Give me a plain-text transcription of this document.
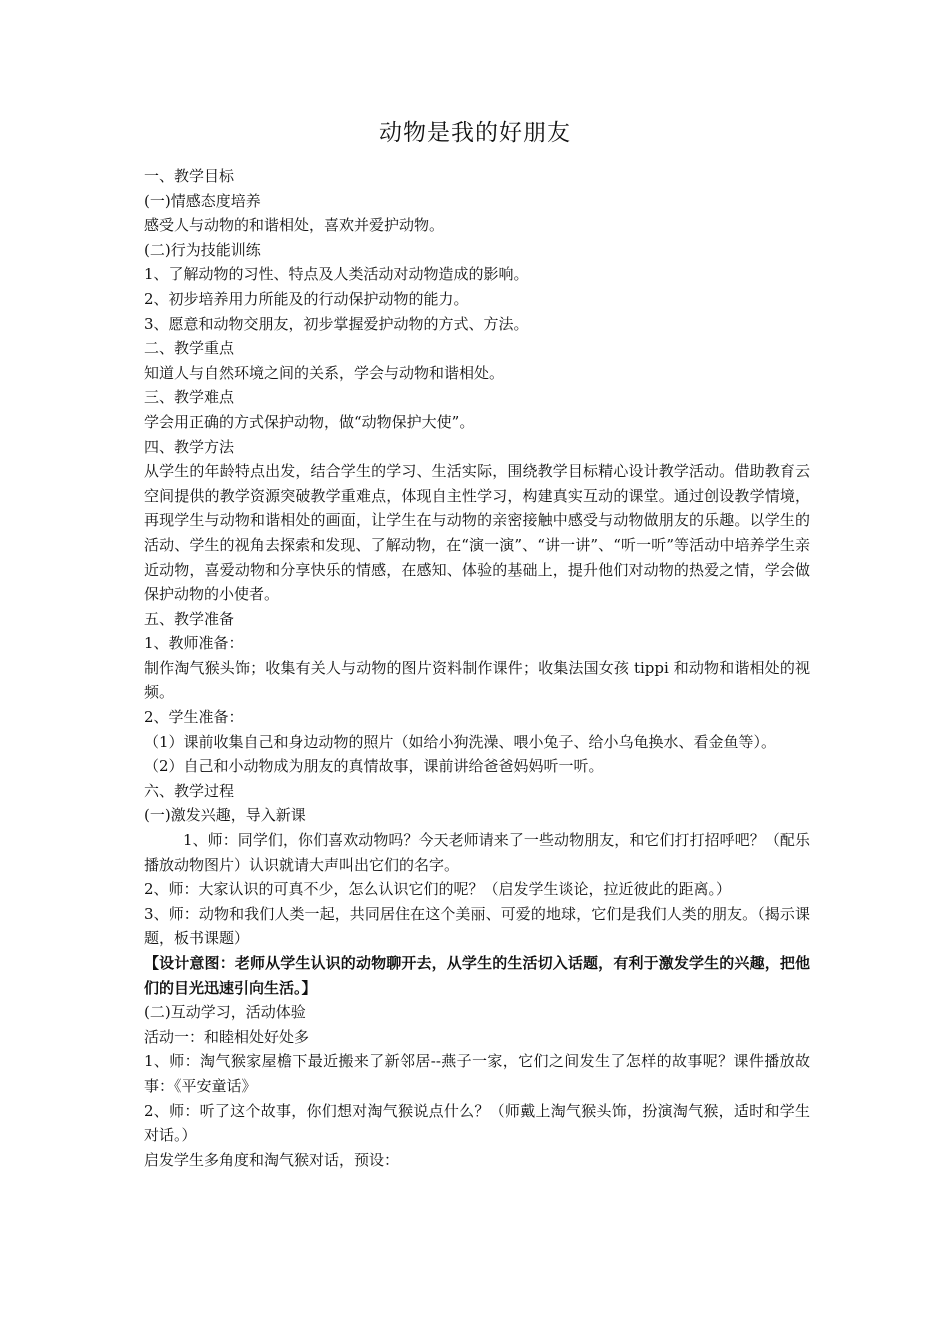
动物是我的好朋友

一、教学目标

(一)情感态度培养

感受人与动物的和谐相处，喜欢并爱护动物。

(二)行为技能训练

1、了解动物的习性、特点及人类活动对动物造成的影响。

2、初步培养用力所能及的行动保护动物的能力。

3、愿意和动物交朋友，初步掌握爱护动物的方式、方法。

二、教学重点

知道人与自然环境之间的关系，学会与动物和谐相处。

三、教学难点

学会用正确的方式保护动物，做“动物保护大使”。

四、教学方法

从学生的年龄特点出发，结合学生的学习、生活实际，围绕教学目标精心设计教学活动。借助教育云空间提供的教学资源突破教学重难点，体现自主性学习，构建真实互动的课堂。通过创设教学情境，再现学生与动物和谐相处的画面，让学生在与动物的亲密接触中感受与动物做朋友的乐趣。以学生的活动、学生的视角去探索和发现、了解动物，在“演一演”、“讲一讲”、“听一听”等活动中培养学生亲近动物，喜爱动物和分享快乐的情感，在感知、体验的基础上，提升他们对动物的热爱之情，学会做保护动物的小使者。

五、教学准备

1、教师准备：

制作淘气猴头饰；收集有关人与动物的图片资料制作课件；收集法国女孩 tippi 和动物和谐相处的视频。

2、学生准备：

（1）课前收集自己和身边动物的照片（如给小狗洗澡、喂小兔子、给小乌龟换水、看金鱼等）。

（2）自己和小动物成为朋友的真情故事，课前讲给爸爸妈妈听一听。

六、教学过程

(一)激发兴趣，导入新课

1、师：同学们，你们喜欢动物吗？今天老师请来了一些动物朋友，和它们打打招呼吧？（配乐播放动物图片）认识就请大声叫出它们的名字。

2、师：大家认识的可真不少，怎么认识它们的呢？（启发学生谈论，拉近彼此的距离。）

3、师：动物和我们人类一起，共同居住在这个美丽、可爱的地球，它们是我们人类的朋友。（揭示课题，板书课题）

【设计意图：老师从学生认识的动物聊开去，从学生的生活切入话题，有利于激发学生的兴趣，把他们的目光迅速引向生活。】

(二)互动学习，活动体验

活动一：和睦相处好处多

1、师：淘气猴家屋檐下最近搬来了新邻居--燕子一家，它们之间发生了怎样的故事呢？课件播放故事：《平安童话》

2、师：听了这个故事，你们想对淘气猴说点什么？（师戴上淘气猴头饰，扮演淘气猴，适时和学生对话。）

启发学生多角度和淘气猴对话，预设：
